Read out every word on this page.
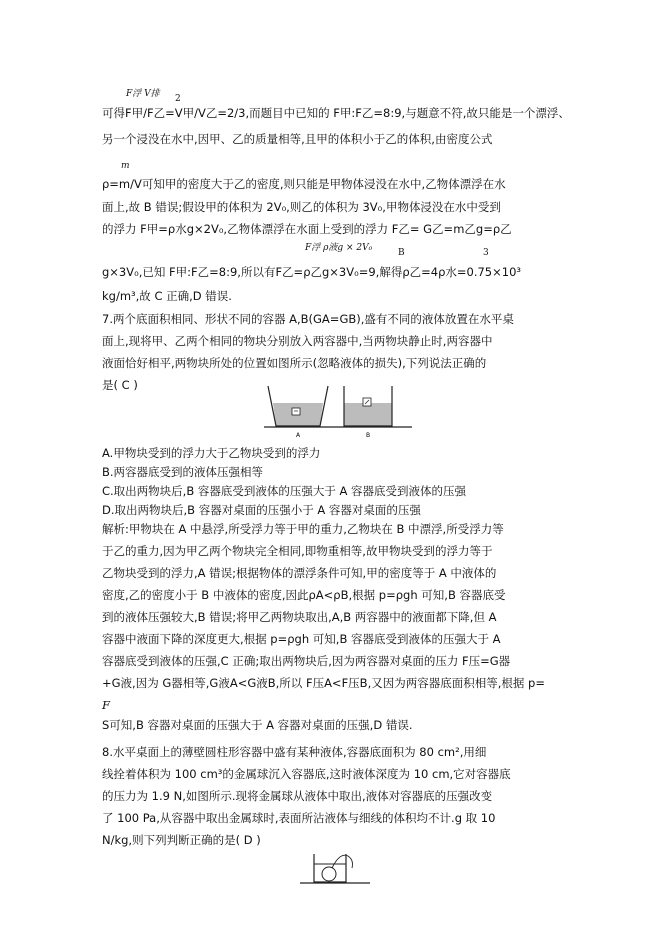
F浮 V排 2
m
F浮 ρ液g × 2V₀	B	3
可得F甲/F乙=V甲/V乙=2/3,而题目中已知的 F甲:F乙=8:9,与题意不符,故只能是一个漂浮、
另一个浸没在水中,因甲、乙的质量相等,且甲的体积小于乙的体积,由密度公式
ρ=m/V可知甲的密度大于乙的密度,则只能是甲物体浸没在水中,乙物体漂浮在水
面上,故 B 错误;假设甲的体积为 2V₀,则乙的体积为 3V₀,甲物体浸没在水中受到
的浮力 F甲=ρ水g×2V₀,乙物体漂浮在水面上受到的浮力 F乙= G乙=m乙g=ρ乙
g×3V₀,已知 F甲:F乙=8:9,所以有F乙=ρ乙g×3V₀=9,解得ρ乙=4ρ水=0.75×10³
kg/m³,故 C 正确,D 错误.
7.两个底面积相同、形状不同的容器 A,B(GA=GB),盛有不同的液体放置在水平桌
面上,现将甲、乙两个相同的物块分别放入两容器中,当两物块静止时,两容器中
液面恰好相平,两物块所处的位置如图所示(忽略液体的损失),下列说法正确的
是( C )
A	B
A.甲物块受到的浮力大于乙物块受到的浮力
B.两容器底受到的液体压强相等
C.取出两物块后,B 容器底受到液体的压强大于 A 容器底受到液体的压强
D.取出两物块后,B 容器对桌面的压强小于 A 容器对桌面的压强
解析:甲物块在 A 中悬浮,所受浮力等于甲的重力,乙物块在 B 中漂浮,所受浮力等
于乙的重力,因为甲乙两个物块完全相同,即物重相等,故甲物块受到的浮力等于
乙物块受到的浮力,A 错误;根据物体的漂浮条件可知,甲的密度等于 A 中液体的
密度,乙的密度小于 B 中液体的密度,因此ρA<ρB,根据 p=ρgh 可知,B 容器底受
到的液体压强较大,B 错误;将甲乙两物块取出,A,B 两容器中的液面都下降,但 A
容器中液面下降的深度更大,根据 p=ρgh 可知,B 容器底受到液体的压强大于 A
容器底受到液体的压强,C 正确;取出两物块后,因为两容器对桌面的压力 F压=G器
+G液,因为 G器相等,G液A<G液B,所以 F压A<F压B,又因为两容器底面积相等,根据 p=
F
S可知,B 容器对桌面的压强大于 A 容器对桌面的压强,D 错误.
8.水平桌面上的薄壁圆柱形容器中盛有某种液体,容器底面积为 80 cm²,用细
线拴着体积为 100 cm³的金属球沉入容器底,这时液体深度为 10 cm,它对容器底
的压力为 1.9 N,如图所示.现将金属球从液体中取出,液体对容器底的压强改变
了 100 Pa,从容器中取出金属球时,表面所沾液体与细线的体积均不计.g 取 10
N/kg,则下列判断正确的是( D )
